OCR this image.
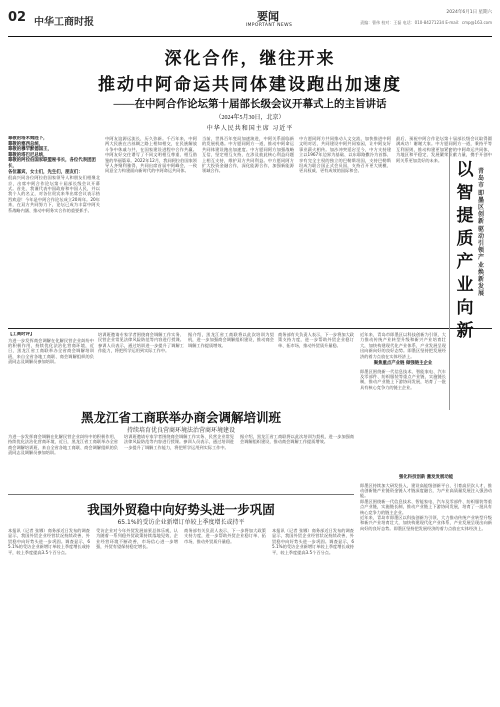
02 中华工商时报	要闻
IMPORTANT NEWS
2024年6月1日 星期六
责编：曹伟 校对：王磊 电话：010-84271234 E-mail：cmp@163.com
深化合作，继往开来
推动中阿命运共同体建设跑出加速度
——在中阿合作论坛第十届部长级会议开幕式上的主旨讲话
（2024年5月30日，北京）
中华人民共和国主席 习近平
尊敬的塔米姆陛下，
尊敬的塞西总统，
尊敬的穆罕默德国王，
尊敬的塔巴尼总统，
尊敬的阿拉伯国家联盟秘书长，各位代表团团长，
各位嘉宾，女士们，先生们，朋友们：

很高兴同各位阿拉伯国家领导人和朋友们相聚北京，出席中阿合作论坛第十届部长级会议开幕式。首先，我谨代表中国政府和中国人民，并以我个人的名义，对各位贵宾来华出席会议表示热烈欢迎！今年是中阿合作论坛成立20周年。20年来，在双方共同努力下，论坛已成为丰富中阿关系战略内涵、推动中阿务实合作的重要抓手。

中阿友谊源远流长，历久弥新。千百年来，中阿两大民族在古丝绸之路上相知相交，在民族解放斗争中休戚与共，在国家建设进程中合作共赢。中阿友好交往谱写了不同文明相互尊重、相互借鉴的华丽篇章。2022年12月，我同阿拉伯国家领导人齐聚利雅得，共同出席首届中阿峰会，一致同意全力构建面向新时代的中阿命运共同体。

当前，世界百年变局加速演进，中阿关系面临新的发展机遇。中方愿同阿方一道，推动中阿命运共同体建设跑出加速度。中方愿同阿方加强战略互信，坚定相互支持，在涉及彼此核心利益问题上相互支持，维护双方共同利益。中方愿同阿方扩大投资金融合作，深化能源合作，加强新能源领域合作。

中方愿同阿方共同推动人文交流，加快推进中阿文明对话，共同建设中阿共同家园，让中阿友好事业薪火相传。加沙冲突延宕至今，中方支持建立以1967年边界为基础、以东耶路撒冷为首都、享有完全主权的独立的巴勒斯坦国，支持巴勒斯坦成为联合国正式会员国，支持召开更大规模、更具权威、更有成效的国际和会。

最后，预祝中阿合作论坛第十届部长级会议取得圆满成功！谢谢大家。中方愿同阿方一道，秉持平等互利原则，推动构建更加紧密的中阿命运共同体，为地区和平稳定、发展繁荣贡献力量，携手开创中阿关系更加美好的未来。

【工商时评】

为进一步发挥商会调解在化解民营企业纠纷中的积极作用，持续优化法治化营商环境，近日，黑龙江省工商联举办全省商会调解培训班，来自全省各地工商联、商会调解组织的负责同志及调解员参加培训。

培训班邀请专家学者围绕商会调解工作实务、民营企业常见法律风险防范等内容进行授课。参训人员表示，通过培训进一步提升了调解工作能力，将把所学运用到实际工作中。

据介绍，黑龙江省工商联将以此次培训为契机，进一步加强商会调解组织建设，推动商会调解工作提质增效。

商务部有关负责人表示，下一步将加大政策支持力度，进一步帮助外贸企业稳订单、拓市场，推动外贸质升量稳。

近年来，青岛市即墨区以科技创新为引领，大力推动传统产业转型升级和新兴产业培育壮大，加快构建现代化产业体系，产业发展呈现出向新向好的良好态势。即墨区坚持把发展经济的着力点放在实体经济上。

聚焦重点产业链 做强链主企业

即墨区围绕新一代信息技术、智能家电、汽车及零部件、纺织服装等重点产业链，实施链长制，推动产业链上下游协同发展，培育了一批具有核心竞争力的链主企业。

以
智
提
质
产
业
向
新
青岛市即墨区创新驱动引领产业焕新发展
黑龙江省工商联举办商会调解培训班
持续培育优良营商环境法治营商环境建设

为进一步发挥商会调解在化解民营企业纠纷中的积极作用，持续优化法治化营商环境，近日，黑龙江省工商联举办全省商会调解培训班，来自全省各地工商联、商会调解组织的负责同志及调解员参加培训。

培训班邀请专家学者围绕商会调解工作实务、民营企业常见法律风险防范等内容进行授课。参训人员表示，通过培训进一步提升了调解工作能力，将把所学运用到实际工作中。

据介绍，黑龙江省工商联将以此次培训为契机，进一步加强商会调解组织建设，推动商会调解工作提质增效。

强化科技创新 激发发展动能

即墨区持续加大研发投入，建设高能级创新平台，引育高层次人才，推动创新链产业链资金链人才链深度融合，为产业高质量发展注入强劲动能。

即墨区围绕新一代信息技术、智能家电、汽车及零部件、纺织服装等重点产业链，实施链长制，推动产业链上下游协同发展，培育了一批具有核心竞争力的链主企业。

近年来，青岛市即墨区以科技创新为引领，大力推动传统产业转型升级和新兴产业培育壮大，加快构建现代化产业体系，产业发展呈现出向新向好的良好态势。即墨区坚持把发展经济的着力点放在实体经济上。

我国外贸稳中向好势头进一步巩固
65.1%的受访企业新增订单较上季度增长或持平

本报讯（记者 张娜）商务部近日发布的调查显示，我国外贸企业经营状况持续改善，外贸稳中向好势头进一步巩固。调查显示，65.1%的受访企业新增订单较上季度增长或持平，较上季度提高3.5个百分点。

受访企业对今年外贸发展前景总体乐观，认为随着一系列稳外贸政策持续落地见效，企业经营环境不断改善，市场信心进一步增强，外贸有望保持稳定增长。

商务部有关负责人表示，下一步将加大政策支持力度，进一步帮助外贸企业稳订单、拓市场，推动外贸质升量稳。

本报讯（记者 张娜）商务部近日发布的调查显示，我国外贸企业经营状况持续改善，外贸稳中向好势头进一步巩固。调查显示，65.1%的受访企业新增订单较上季度增长或持平，较上季度提高3.5个百分点。
